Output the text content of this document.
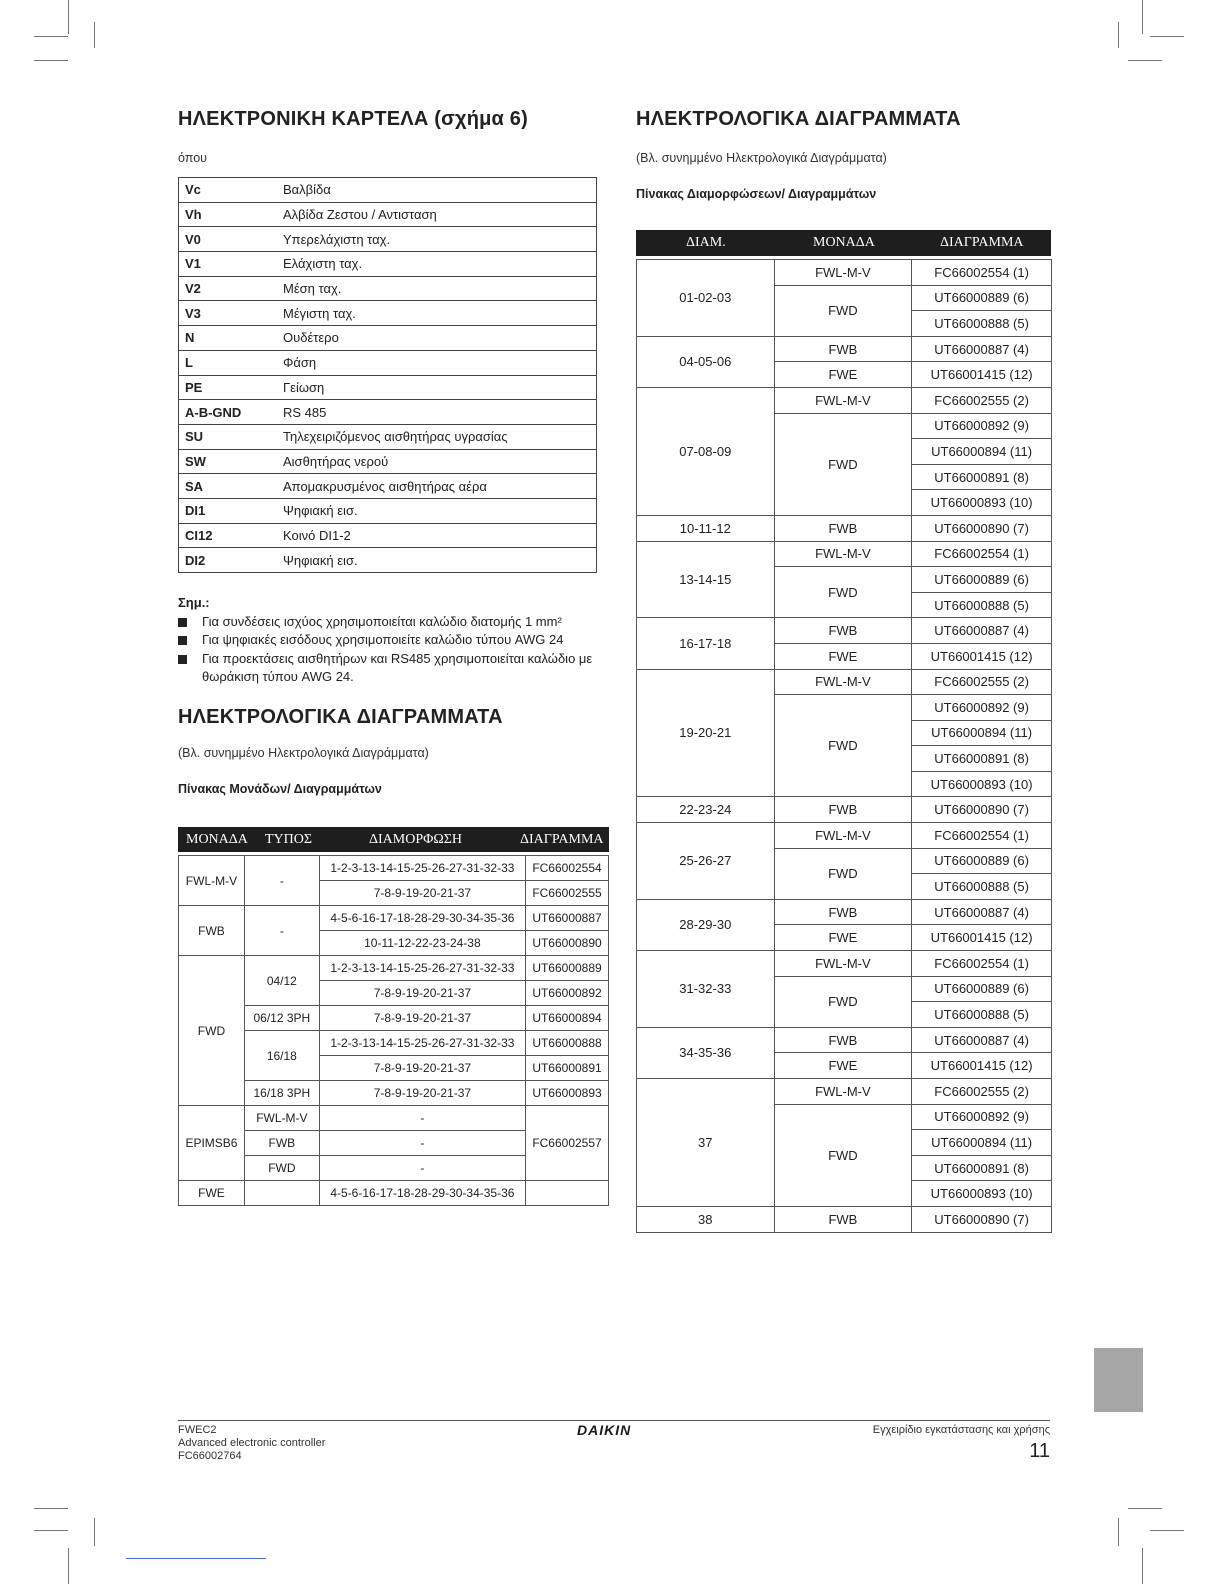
ΗΛΕΚΤΡΟΝΙΚΗ ΚΑΡΤΕΛΑ (σχήμα 6)
όπου
Vc	Βαλβίδα
Vh	Αλβίδα Ζεστου / Αντισταση
V0	Υπερελάχιστη ταχ.
V1	Ελάχιστη ταχ.
V2	Μέση ταχ.
V3	Μέγιστη ταχ.
N	Ουδέτερο
L	Φάση
PE	Γείωση
A-B-GND	RS 485
SU	Τηλεχειριζόμενος αισθητήρας υγρασίας
SW	Αισθητήρας νερού
SA	Απομακρυσμένος αισθητήρας αέρα
DI1	Ψηφιακή εισ.
CI12	Κοινό DI1-2
DI2	Ψηφιακή εισ.
Σημ.:
Για συνδέσεις ισχύος χρησιμοποιείται καλώδιο διατομής 1 mm²
Για ψηφιακές εισόδους χρησιμοποιείτε καλώδιο τύπου AWG 24
Για προεκτάσεις αισθητήρων και RS485 χρησιμοποιείται καλώδιο με θωράκιση τύπου AWG 24.
ΗΛΕΚΤΡΟΛΟΓΙΚΑ ΔΙΑΓΡΑΜΜΑΤΑ
(Βλ. συνημμένο Ηλεκτρολογικά Διαγράμματα)
Πίνακας Μονάδων/ Διαγραμμάτων
ΜΟΝΑΔΑ ΤΥΠΟΣ	ΔΙΑΜΟΡΦΩΣΗ	ΔΙΑΓΡΑΜΜΑ
FWL-M-V	-	1-2-3-13-14-15-25-26-27-31-32-33	FC66002554
		7-8-9-19-20-21-37	FC66002555
FWB	-	4-5-6-16-17-18-28-29-30-34-35-36	UT66000887
		10-11-12-22-23-24-38	UT66000890
FWD	04/12	1-2-3-13-14-15-25-26-27-31-32-33	UT66000889
		7-8-9-19-20-21-37	UT66000892
	06/12 3PH	7-8-9-19-20-21-37	UT66000894
	16/18	1-2-3-13-14-15-25-26-27-31-32-33	UT66000888
		7-8-9-19-20-21-37	UT66000891
	16/18 3PH	7-8-9-19-20-21-37	UT66000893
EPIMSB6	FWL-M-V	-	FC66002557
	FWB	-	
	FWD	-	
FWE		4-5-6-16-17-18-28-29-30-34-35-36	
ΗΛΕΚΤΡΟΛΟΓΙΚΑ ΔΙΑΓΡΑΜΜΑΤΑ
(Βλ. συνημμένο Ηλεκτρολογικά Διαγράμματα)
Πίνακας Διαμορφώσεων/ Διαγραμμάτων
ΔΙΑΜ.	ΜΟΝΑΔΑ	ΔΙΑΓΡΑΜΜΑ
01-02-03	FWL-M-V	FC66002554 (1)
	FWD	UT66000889 (6)
		UT66000888 (5)
04-05-06	FWB	UT66000887 (4)
	FWE	UT66001415 (12)
07-08-09	FWL-M-V	FC66002555 (2)
	FWD	UT66000892 (9)
		UT66000894 (11)
		UT66000891 (8)
		UT66000893 (10)
10-11-12	FWB	UT66000890 (7)
13-14-15	FWL-M-V	FC66002554 (1)
	FWD	UT66000889 (6)
		UT66000888 (5)
16-17-18	FWB	UT66000887 (4)
	FWE	UT66001415 (12)
19-20-21	FWL-M-V	FC66002555 (2)
	FWD	UT66000892 (9)
		UT66000894 (11)
		UT66000891 (8)
		UT66000893 (10)
22-23-24	FWB	UT66000890 (7)
25-26-27	FWL-M-V	FC66002554 (1)
	FWD	UT66000889 (6)
		UT66000888 (5)
28-29-30	FWB	UT66000887 (4)
	FWE	UT66001415 (12)
31-32-33	FWL-M-V	FC66002554 (1)
	FWD	UT66000889 (6)
		UT66000888 (5)
34-35-36	FWB	UT66000887 (4)
	FWE	UT66001415 (12)
37	FWL-M-V	FC66002555 (2)
	FWD	UT66000892 (9)
		UT66000894 (11)
		UT66000891 (8)
		UT66000893 (10)
38	FWB	UT66000890 (7)
FWEC2
Advanced electronic controller
FC66002764
DAIKIN	Εγχειρίδιο εγκατάστασης και χρήσης
11
